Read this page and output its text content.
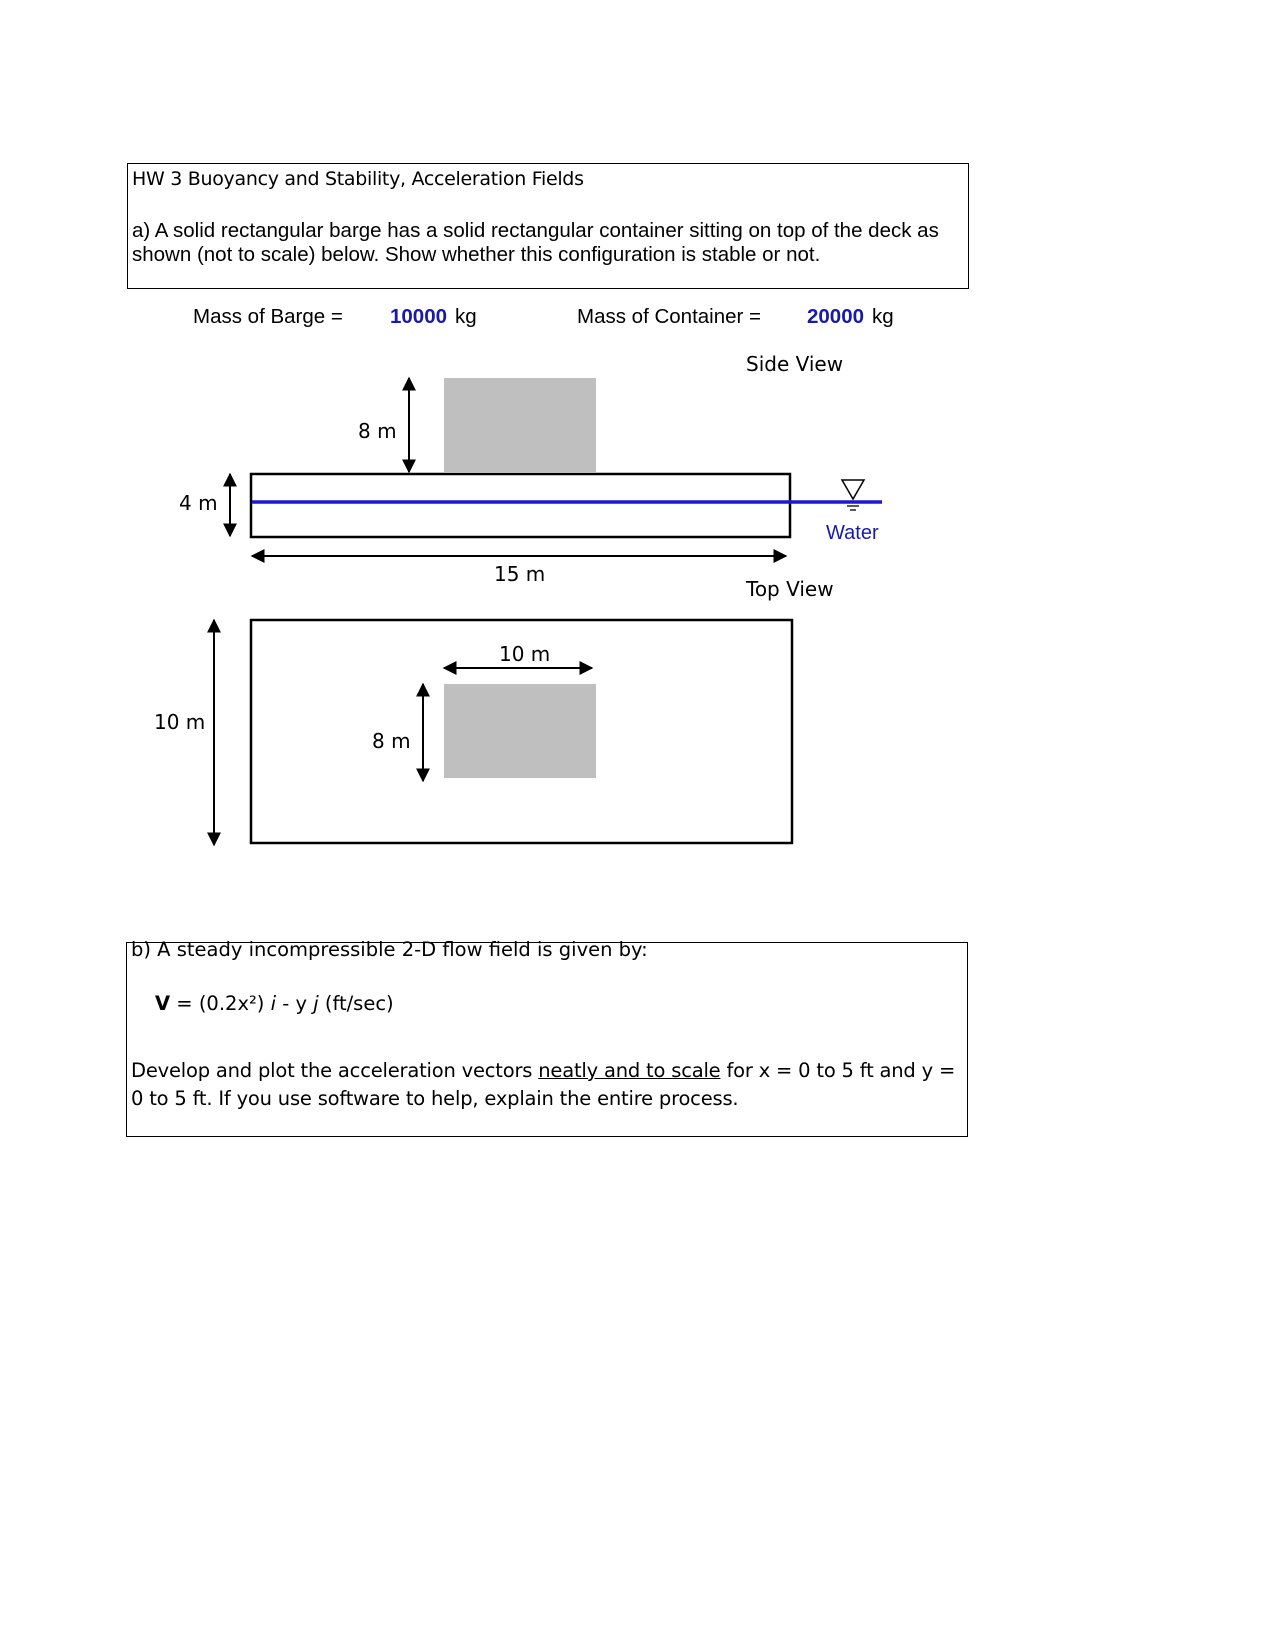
HW 3 Buoyancy and Stability, Acceleration Fields
a) A solid rectangular barge has a solid rectangular container sitting on top of the deck as shown (not to scale) below. Show whether this configuration is stable or not.
Mass of Barge = 10000 kg	Mass of Container = 20000 kg
Side View
8 m
4 m
Water
15 m
Top View
10 m
10 m
8 m
b) A steady incompressible 2-D flow field is given by:
V = (0.2x²) i - y j (ft/sec)
Develop and plot the acceleration vectors neatly and to scale for x = 0 to 5 ft and y = 0 to 5 ft. If you use software to help, explain the entire process.
